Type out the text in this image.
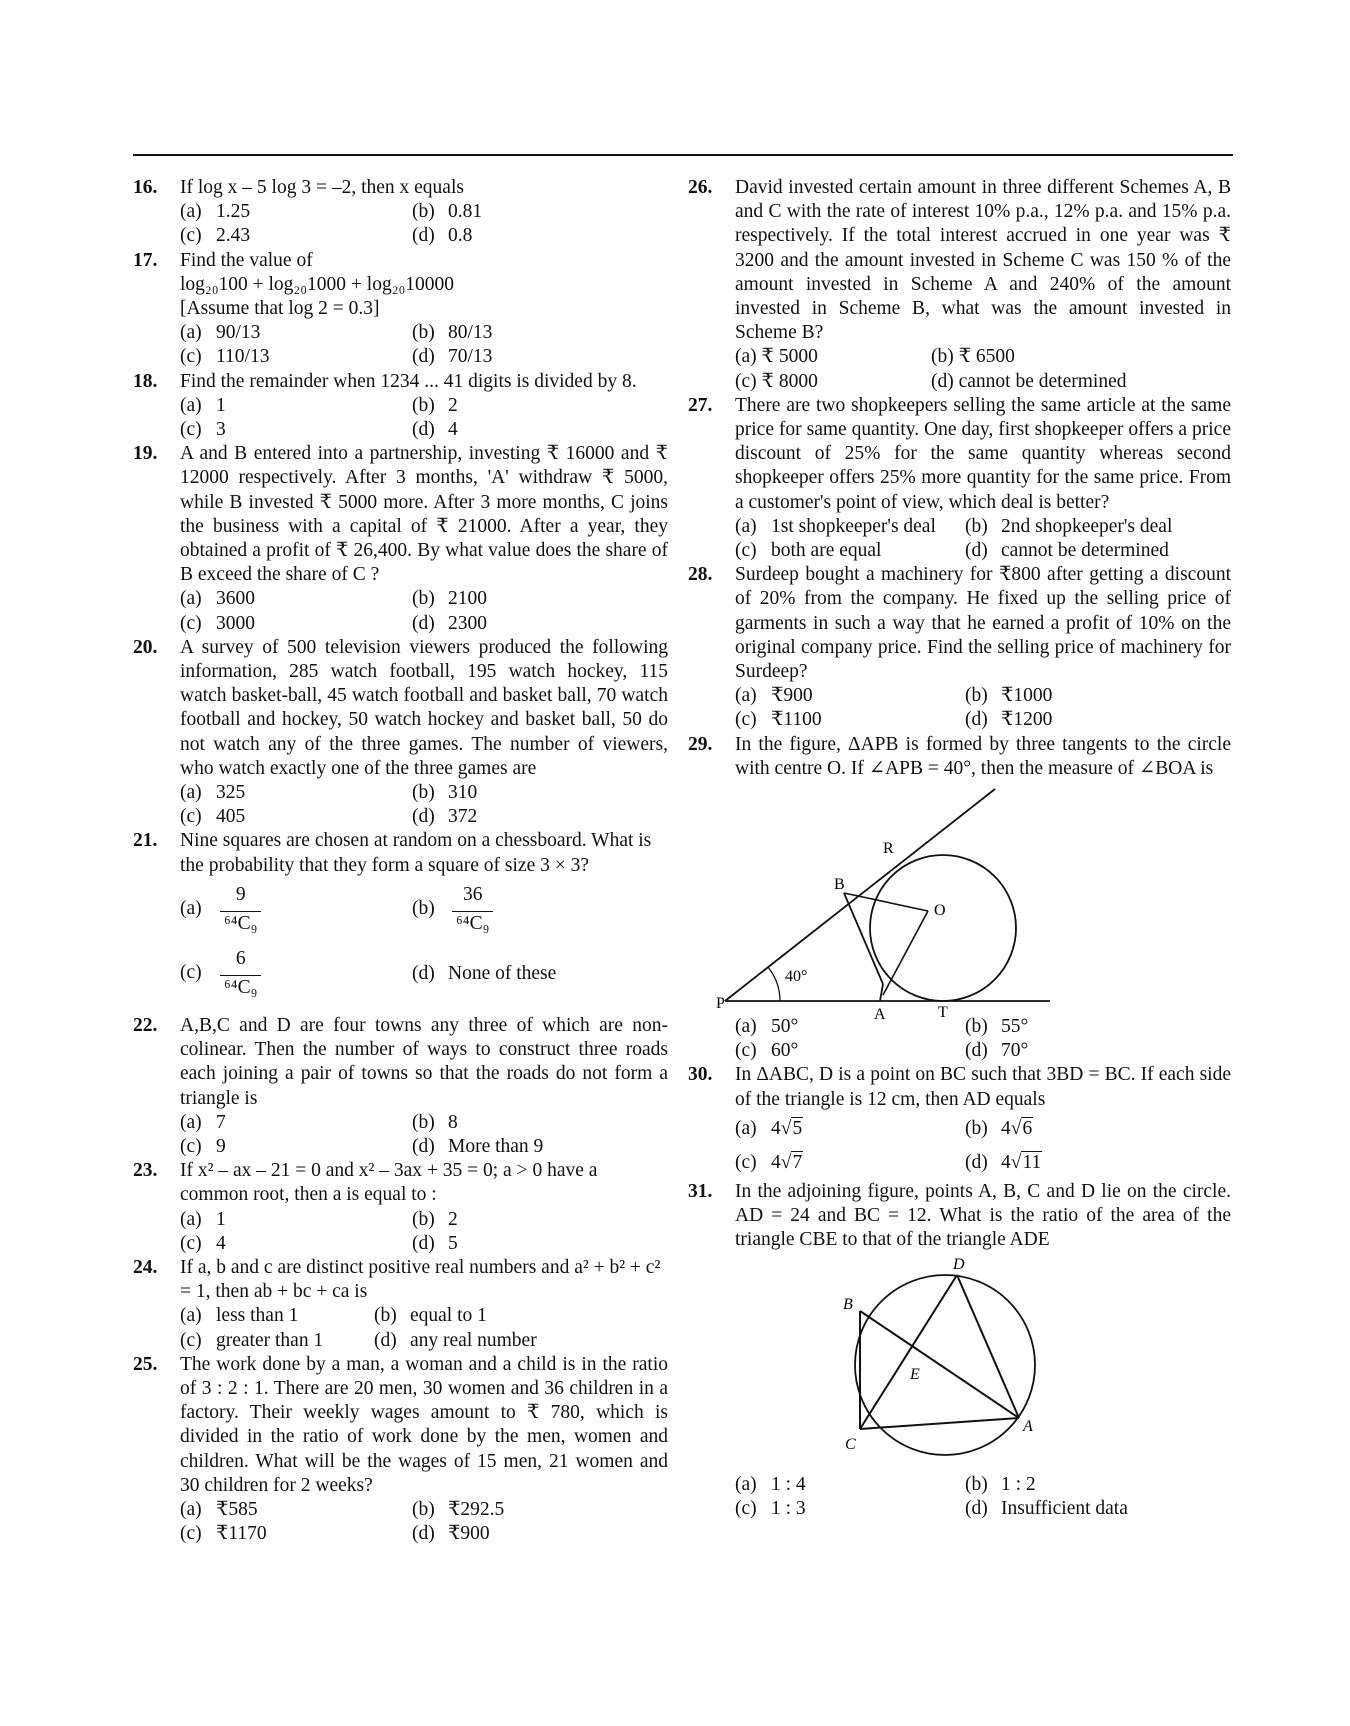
16. If log x – 5 log 3 = –2, then x equals
(a) 1.25	(b) 0.81
(c) 2.43	(d) 0.8
17. Find the value of
log₂₀100 + log₂₀1000 + log₂₀10000
[Assume that log 2 = 0.3]
(a) 90/13	(b) 80/13
(c) 110/13	(d) 70/13
18. Find the remainder when 1234 ... 41 digits is divided by 8.
(a) 1	(b) 2
(c) 3	(d) 4
19. A and B entered into a partnership, investing ₹ 16000 and ₹ 12000 respectively. After 3 months, 'A' withdraw ₹ 5000, while B invested ₹ 5000 more. After 3 more months, C joins the business with a capital of ₹ 21000. After a year, they obtained a profit of ₹ 26,400. By what value does the share of B exceed the share of C ?
(a) 3600	(b) 2100
(c) 3000	(d) 2300
20. A survey of 500 television viewers produced the following information, 285 watch football, 195 watch hockey, 115 watch basket-ball, 45 watch football and basket ball, 70 watch football and hockey, 50 watch hockey and basket ball, 50 do not watch any of the three games. The number of viewers, who watch exactly one of the three games are
(a) 325	(b) 310
(c) 405	(d) 372
21. Nine squares are chosen at random on a chessboard. What is the probability that they form a square of size 3 × 3?
$(a) \frac{9}{\text{⁶⁴C₉}}$	$(b) \frac{36}{\text{⁶⁴C₉}}$
$(c) \frac{6}{\text{⁶⁴C₉}}$	(d) None of these
22. A,B,C and D are four towns any three of which are non-colinear. Then the number of ways to construct three roads each joining a pair of towns so that the roads do not form a triangle is
(a) 7	(b) 8
(c) 9	(d) More than 9
23. If x² – ax – 21 = 0 and x² – 3ax + 35 = 0; a > 0 have a common root, then a is equal to :
(a) 1	(b) 2
(c) 4	(d) 5
24. If a, b and c are distinct positive real numbers and a² + b² + c² = 1, then ab + bc + ca is
(a) less than 1	(b) equal to 1
(c) greater than 1	(d) any real number
25. The work done by a man, a woman and a child is in the ratio of 3 : 2 : 1. There are 20 men, 30 women and 36 children in a factory. Their weekly wages amount to ₹ 780, which is divided in the ratio of work done by the men, women and children. What will be the wages of 15 men, 21 women and 30 children for 2 weeks?
(a) ₹585	(b) ₹292.5
(c) ₹1170	(d) ₹900
26. David invested certain amount in three different Schemes A, B and C with the rate of interest 10% p.a., 12% p.a. and 15% p.a. respectively. If the total interest accrued in one year was ₹ 3200 and the amount invested in Scheme C was 150 % of the amount invested in Scheme A and 240% of the amount invested in Scheme B, what was the amount invested in Scheme B?
(a) ₹ 5000	(b) ₹ 6500
(c) ₹ 8000	(d) cannot be determined
27. There are two shopkeepers selling the same article at the same price for same quantity. One day, first shopkeeper offers a price discount of 25% for the same quantity whereas second shopkeeper offers 25% more quantity for the same price. From a customer's point of view, which deal is better?
(a) 1st shopkeeper's deal	(b) 2nd shopkeeper's deal
(c) both are equal	(d) cannot be determined
28. Surdeep bought a machinery for ₹800 after getting a discount of 20% from the company. He fixed up the selling price of garments in such a way that he earned a profit of 10% on the original company price. Find the selling price of machinery for Surdeep?
(a) ₹900	(b) ₹1000
(c) ₹1100	(d) ₹1200
29. In the figure, ΔAPB is formed by three tangents to the circle with centre O. If ∠APB = 40°, then the measure of ∠BOA is
40°
R
B
O
P
A	T
(a) 50°	(b) 55°
(c) 60°	(d) 70°
30. In ΔABC, D is a point on BC such that 3BD = BC. If each side of the triangle is 12 cm, then AD equals
(a) 4√5	(b) 4√6
(c) 4√7	(d) 4√11
31. In the adjoining figure, points A, B, C and D lie on the circle. AD = 24 and BC = 12. What is the ratio of the area of the triangle CBE to that of the triangle ADE
D
B
E
C
A
(a) 1 : 4	(b) 1 : 2
(c) 1 : 3	(d) Insufficient data
